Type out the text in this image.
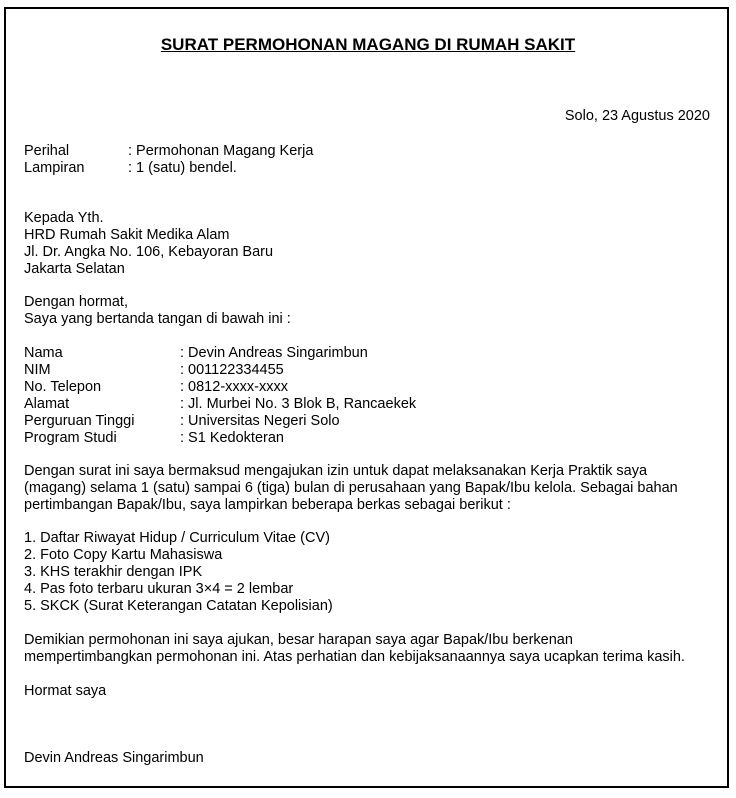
SURAT PERMOHONAN MAGANG DI RUMAH SAKIT
Solo, 23 Agustus 2020
Perihal	: Permohonan Magang Kerja
Lampiran	: 1 (satu) bendel.
Kepada Yth.
HRD Rumah Sakit Medika Alam
Jl. Dr. Angka No. 106, Kebayoran Baru
Jakarta Selatan
Dengan hormat,
Saya yang bertanda tangan di bawah ini :
Nama	: Devin Andreas Singarimbun
NIM	: 001122334455
No. Telepon	: 0812-xxxx-xxxx
Alamat	: Jl. Murbei No. 3 Blok B, Rancaekek
Perguruan Tinggi	: Universitas Negeri Solo
Program Studi	: S1 Kedokteran
Dengan surat ini saya bermaksud mengajukan izin untuk dapat melaksanakan Kerja Praktik saya
(magang) selama 1 (satu) sampai 6 (tiga) bulan di perusahaan yang Bapak/Ibu kelola. Sebagai bahan
pertimbangan Bapak/Ibu, saya lampirkan beberapa berkas sebagai berikut :
1. Daftar Riwayat Hidup / Curriculum Vitae (CV)
2. Foto Copy Kartu Mahasiswa
3. KHS terakhir dengan IPK
4. Pas foto terbaru ukuran 3×4 = 2 lembar
5. SKCK (Surat Keterangan Catatan Kepolisian)
Demikian permohonan ini saya ajukan, besar harapan saya agar Bapak/Ibu berkenan
mempertimbangkan permohonan ini. Atas perhatian dan kebijaksanaannya saya ucapkan terima kasih.
Hormat saya
Devin Andreas Singarimbun
